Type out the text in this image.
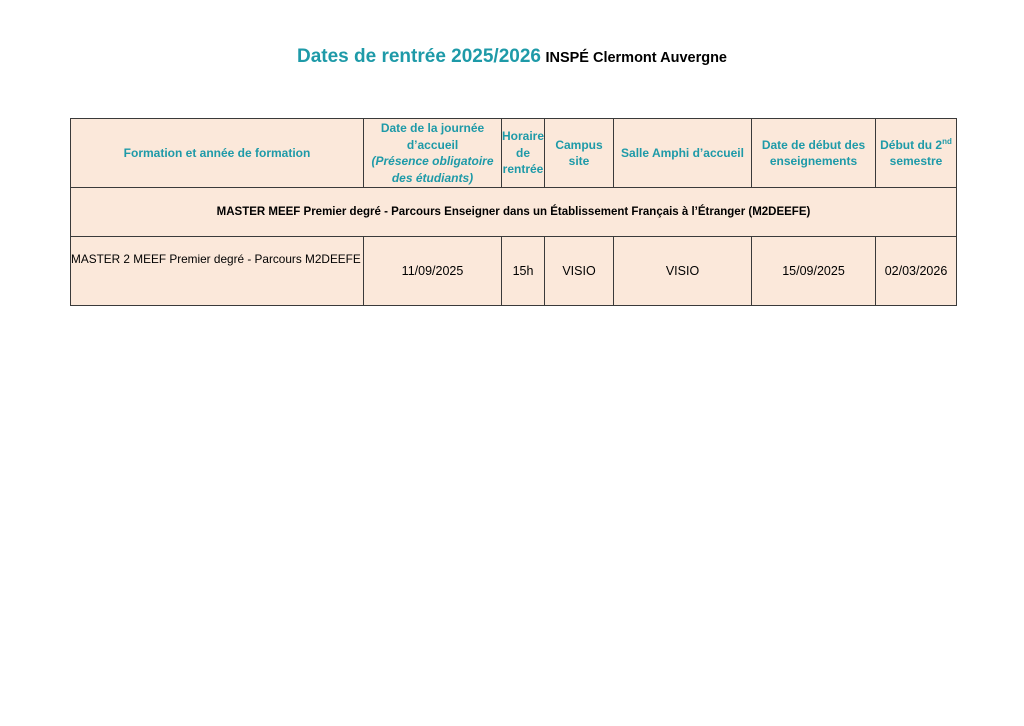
Dates de rentrée 2025/2026 INSPÉ Clermont Auvergne
Formation et année de formation	Date de la journée
d’accueil
(Présence obligatoire
des étudiants)	Horaire
de
rentrée	Campus
site	Salle Amphi d’accueil	Date de début des
enseignements	Début du 2nd
semestre

MASTER MEEF Premier degré - Parcours Enseigner dans un Établissement Français à l’Étranger (M2DEEFE)						
MASTER 2 MEEF Premier degré - Parcours M2DEEFE	11/09/2025	15h	VISIO	VISIO	15/09/2025	02/03/2026
